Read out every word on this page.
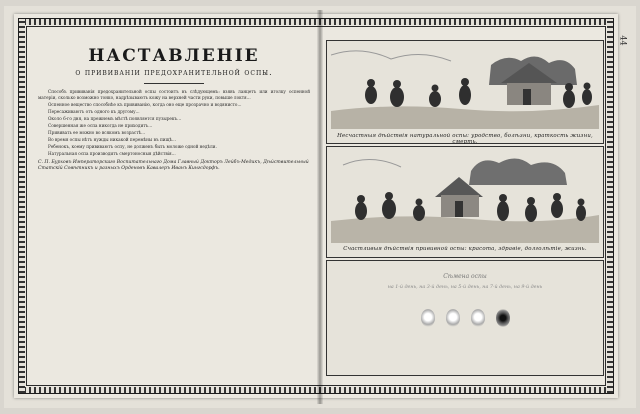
44
НАСТАВЛЕНІЕ
о прививаніи предохранительной оспы.

Способъ прививанія предохранительной оспы состоитъ въ слѣдующемъ: взявъ ланцетъ или иголку оспенной матеріи, сколько возможно тонко, надрѣзываютъ кожу на верхней части руки, повыше локтя...

Оспенное вещество способнѣе къ прививанію, когда оно еще прозрачно и водянисто...

Пересаживаютъ отъ одного къ другому...

Около 6-го дня, на прежнемъ мѣстѣ появляется пузырекъ...

Совершенная же оспа никогда не приходитъ...

Прививать ее можно во всякомъ возрастѣ...

Во время оспы нѣтъ нужды никакой перемѣны въ пищѣ...

Ребенокъ, коему прививаютъ оспу, не долженъ быть моложе одной недѣли.

Натуральная оспа производитъ смертоносныя дѣйствія...

С. П. Бурховъ Императорскаго Воспитательнаго Дома Главный Докторъ Лейбъ-Медикъ, Дѣйствительный Статскій Совѣтникъ и разныхъ Орденовъ Кавалеръ Иванъ Кингсдорфъ.
Несчастныя дѣйствія натуральной оспы: уродство, болѣзни, краткость жизни, смерть.
Счастливыя дѣйствія прививной оспы: красота, здравіе, долголѣтіе, жизнь.
Сѣмена оспы
на 1-й день, на 3-й день, на 5-й день, на 7-й день, на 9-й день
